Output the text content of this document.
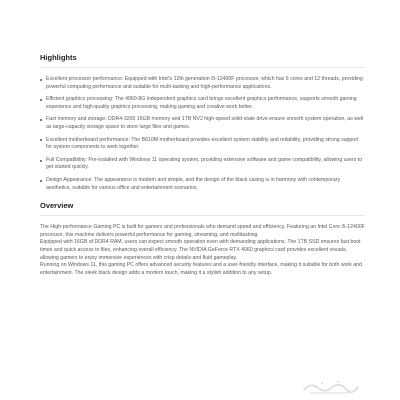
Highlights
Excellent processor performance: Equipped with Intel's 12th generation i5-12400F processor, which has 6 cores and 12 threads, providing powerful computing performance and suitable for multi-tasking and high-performance applications.
Efficient graphics processing: The 4060-8G independent graphics card brings excellent graphics performance, supports smooth gaming experience and high-quality graphics processing, making gaming and creative work better.
Fast memory and storage: DDR4-3200 16GB memory and 1TB NV2 high-speed solid-state drive ensure smooth system operation, as well as large-capacity storage space to store large files and games.
Excellent motherboard performance: The B610M motherboard provides excellent system stability and reliability, providing strong support for system components to work together.
Full Compatibility: Pre-installed with Windows 11 operating system, providing extensive software and game compatibility, allowing users to get started quickly.
Design Appearance: The appearance is modern and simple, and the design of the black casing is in harmony with contemporary aesthetics, suitable for various office and entertainment scenarios.
Overview

The High-performance Gaming PC is built for gamers and professionals who demand speed and efficiency. Featuring an Intel Core i5-12400F processor, this machine delivers powerful performance for gaming, streaming, and multitasking.

Equipped with 16GB of DDR4 RAM, users can expect smooth operation even with demanding applications. The 1TB SSD ensures fast boot times and quick access to files, enhancing overall efficiency. The NVIDIA GeForce RTX 4060 graphics card provides excellent visuals, allowing gamers to enjoy immersive experiences with crisp details and fluid gameplay.

Running on Windows 11, this gaming PC offers advanced security features and a user-friendly interface, making it suitable for both work and entertainment. The sleek black design adds a modern touch, making it a stylish addition to any setup.
